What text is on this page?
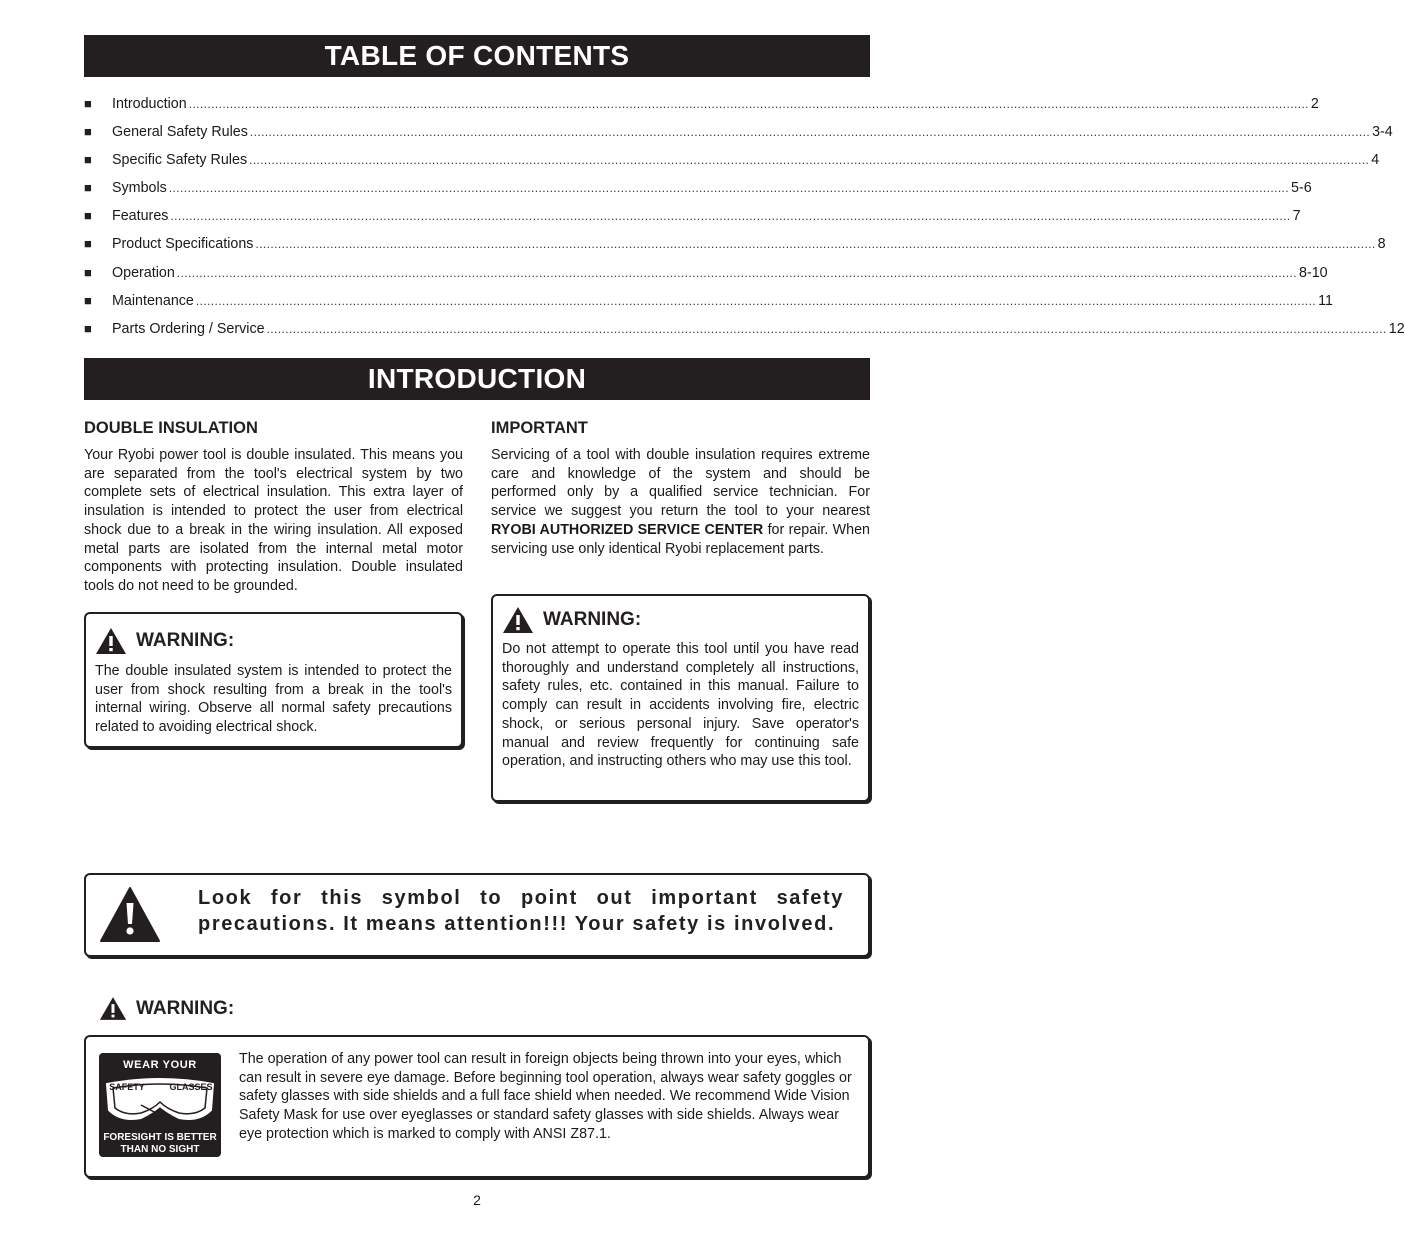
TABLE OF CONTENTS
■	Introduction ............................................................................................................................................................................................................................................................................................................ 2
■	General Safety Rules ............................................................................................................................................................................................................................................................................................................ 3-4
■	Specific Safety Rules ............................................................................................................................................................................................................................................................................................................ 4
■	Symbols ............................................................................................................................................................................................................................................................................................................ 5-6
■	Features ............................................................................................................................................................................................................................................................................................................ 7
■	Product Specifications ............................................................................................................................................................................................................................................................................................................ 8
■	Operation ............................................................................................................................................................................................................................................................................................................ 8-10
■	Maintenance ............................................................................................................................................................................................................................................................................................................ 11
■	Parts Ordering / Service ............................................................................................................................................................................................................................................................................................................ 12
INTRODUCTION
DOUBLE INSULATION

Your Ryobi power tool is double insulated. This means you are separated from the tool's electrical system by two complete sets of electrical insulation. This extra layer of insulation is intended to protect the user from electrical shock due to a break in the wiring insulation. All exposed metal parts are isolated from the internal metal motor components with protecting insulation. Double insulated tools do not need to be grounded.

IMPORTANT

Servicing of a tool with double insulation requires extreme care and knowledge of the system and should be performed only by a qualified service technician. For service we suggest you return the tool to your nearest RYOBI AUTHORIZED SERVICE CENTER for repair. When servicing use only identical Ryobi replacement parts.

WARNING:

The double insulated system is intended to protect the user from shock resulting from a break in the tool's internal wiring. Observe all normal safety precautions related to avoiding electrical shock.

WARNING:

Do not attempt to operate this tool until you have read thoroughly and understand completely all instructions, safety rules, etc. contained in this manual. Failure to comply can result in accidents involving fire, electric shock, or serious personal injury. Save operator's manual and review frequently for continuing safe operation, and instructing others who may use this tool.

Look for this symbol to point out important safety precautions. It means attention!!! Your safety is involved.

WARNING:
WEAR YOUR
SAFETY	GLASSES
FORESIGHT IS BETTER
THAN NO SIGHT

The operation of any power tool can result in foreign objects being thrown into your eyes, which can result in severe eye damage. Before beginning tool operation, always wear safety goggles or safety glasses with side shields and a full face shield when needed. We recommend Wide Vision Safety Mask for use over eyeglasses or standard safety glasses with side shields. Always wear eye protection which is marked to comply with ANSI Z87.1.

2
